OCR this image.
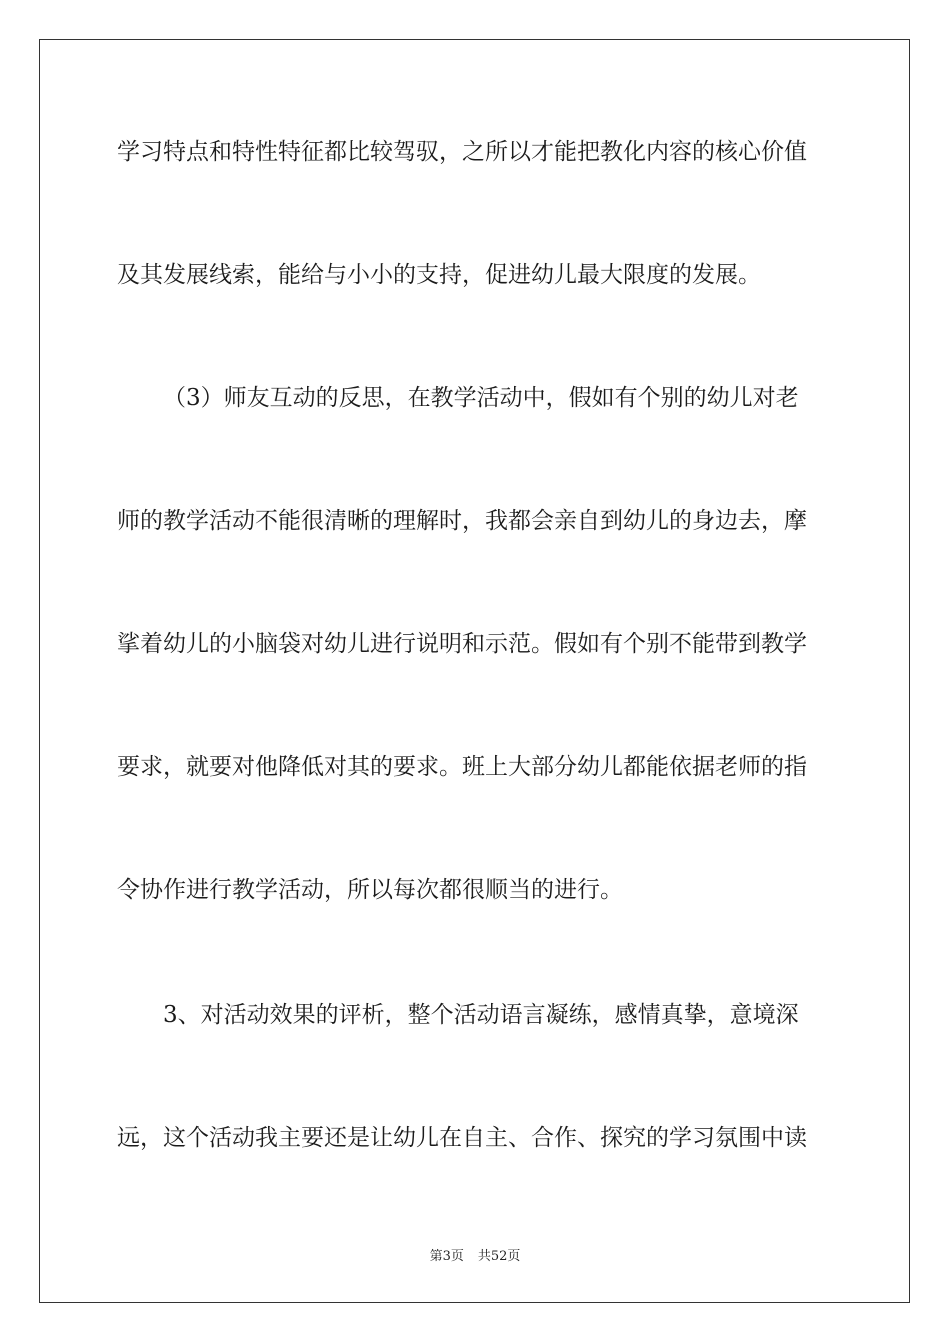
学习特点和特性特征都比较驾驭，之所以才能把教化内容的核心价值
及其发展线索，能给与小小的支持，促进幼儿最大限度的发展。
（3）师友互动的反思，在教学活动中，假如有个别的幼儿对老
师的教学活动不能很清晰的理解时，我都会亲自到幼儿的身边去，摩
挲着幼儿的小脑袋对幼儿进行说明和示范。假如有个别不能带到教学
要求，就要对他降低对其的要求。班上大部分幼儿都能依据老师的指
令协作进行教学活动，所以每次都很顺当的进行。
3、对活动效果的评析，整个活动语言凝练，感情真挚，意境深
远，这个活动我主要还是让幼儿在自主、合作、探究的学习氛围中读
第3页 共52页
